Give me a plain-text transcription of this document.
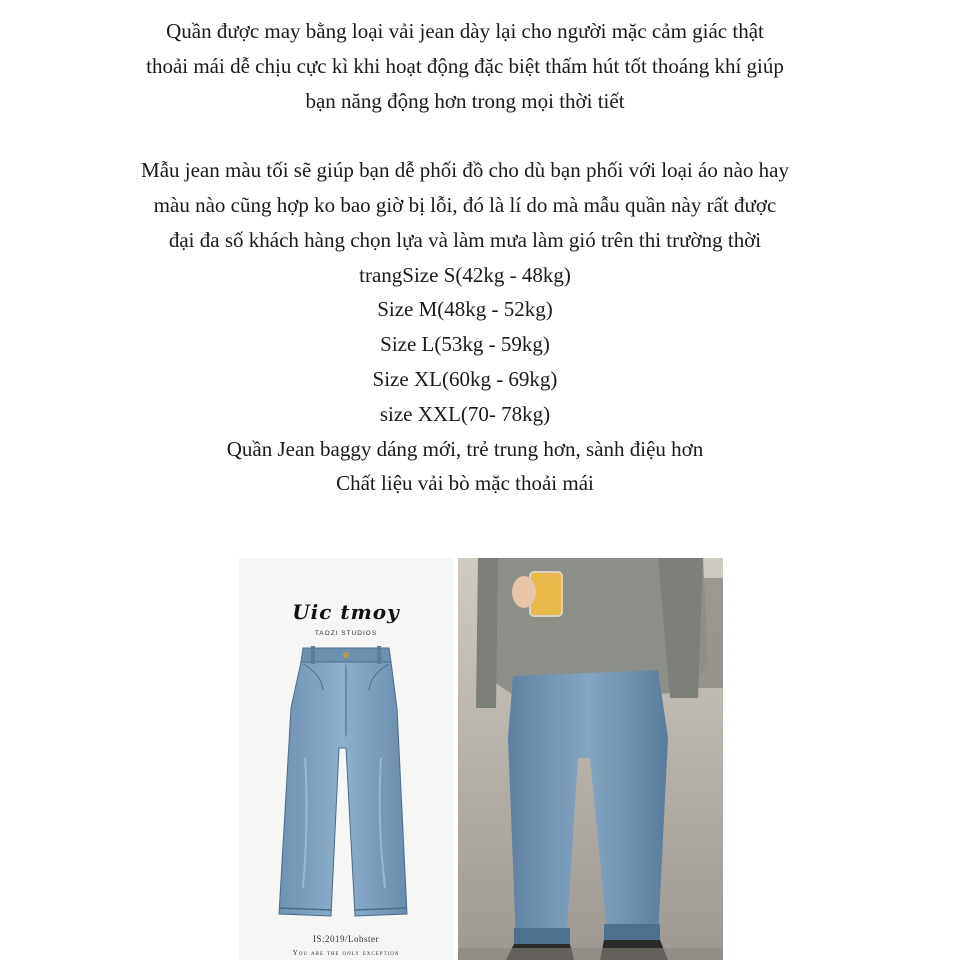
Quần được may bằng loại vải jean dày lại cho người mặc cảm giác thật
thoải mái dễ chịu cực kì khi hoạt động đặc biệt thấm hút tốt thoáng khí giúp
bạn năng động hơn trong mọi thời tiết
Mẫu jean màu tối sẽ giúp bạn dễ phối đồ cho dù bạn phối với loại áo nào hay
màu nào cũng hợp ko bao giờ bị lỗi, đó là lí do mà mẫu quần này rất được
đại đa số khách hàng chọn lựa và làm mưa làm gió trên thi trường thời
trangSize S(42kg - 48kg)
Size M(48kg - 52kg)
Size L(53kg - 59kg)
Size XL(60kg - 69kg)
size XXL(70- 78kg)
Quần Jean baggy dáng mới, trẻ trung hơn, sành điệu hơn
Chất liệu vải bò mặc thoải mái
Uic tmoy
TAOZI STUDIOS
IS:2019/Lobster
You are the only exception
